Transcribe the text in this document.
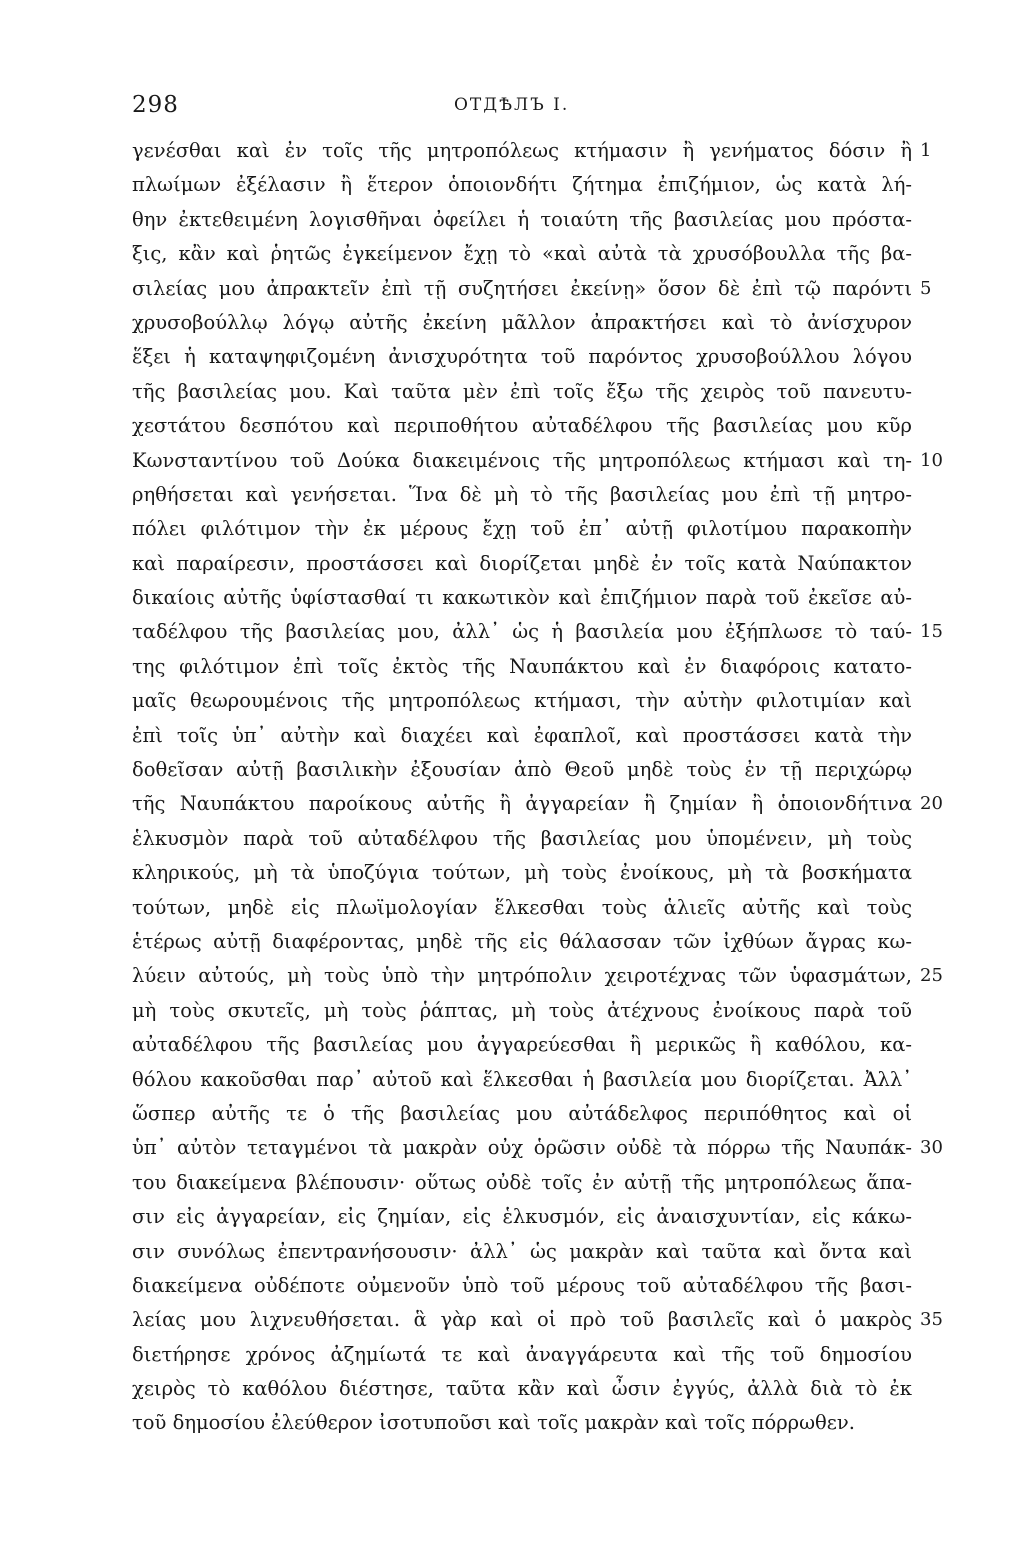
298	ΟΤДѢЛЪ I.
γενέσθαι καὶ ἐν τοῖς τῆς μητροπόλεως κτήμασιν ἢ γενήματος δόσιν ἢ 1
πλωίμων ἐξέλασιν ἢ ἕτερον ὁποιονδήτι ζήτημα ἐπιζήμιον, ὡς κατὰ λή-
θην ἐκτεθειμένη λογισθῆναι ὀφείλει ἡ τοιαύτη τῆς βασιλείας μου πρόστα-
ξις, κἂν καὶ ῥητῶς ἐγκείμενον ἔχῃ τὸ «καὶ αὐτὰ τὰ χρυσόβουλλα τῆς βα-
σιλείας μου ἀπρακτεῖν ἐπὶ τῇ συζητήσει ἐκείνῃ» ὅσον δὲ ἐπὶ τῷ παρόντι 5
χρυσοβούλλῳ λόγῳ αὐτῆς ἐκείνη μᾶλλον ἀπρακτήσει καὶ τὸ ἀνίσχυρον
ἕξει ἡ καταψηφιζομένη ἀνισχυρότητα τοῦ παρόντος χρυσοβούλλου λόγου
τῆς βασιλείας μου. Καὶ ταῦτα μὲν ἐπὶ τοῖς ἔξω τῆς χειρὸς τοῦ πανευτυ-
χεστάτου δεσπότου καὶ περιποθήτου αὐταδέλφου τῆς βασιλείας μου κῦρ
Κωνσταντίνου τοῦ Δούκα διακειμένοις τῆς μητροπόλεως κτήμασι καὶ τη- 10
ρηθήσεται καὶ γενήσεται. Ἵνα δὲ μὴ τὸ τῆς βασιλείας μου ἐπὶ τῇ μητρο-
πόλει φιλότιμον τὴν ἐκ μέρους ἔχῃ τοῦ ἐπ᾽ αὐτῇ φιλοτίμου παρακοπὴν
καὶ παραίρεσιν, προστάσσει καὶ διορίζεται μηδὲ ἐν τοῖς κατὰ Ναύπακτον
δικαίοις αὐτῆς ὑφίστασθαί τι κακωτικὸν καὶ ἐπιζήμιον παρὰ τοῦ ἐκεῖσε αὐ-
ταδέλφου τῆς βασιλείας μου, ἀλλ᾽ ὡς ἡ βασιλεία μου ἐξήπλωσε τὸ ταύ- 15
της φιλότιμον ἐπὶ τοῖς ἐκτὸς τῆς Ναυπάκτου καὶ ἐν διαφόροις κατατο-
μαῖς θεωρουμένοις τῆς μητροπόλεως κτήμασι, τὴν αὐτὴν φιλοτιμίαν καὶ
ἐπὶ τοῖς ὑπ᾽ αὐτὴν καὶ διαχέει καὶ ἐφαπλοῖ, καὶ προστάσσει κατὰ τὴν
δοθεῖσαν αὐτῇ βασιλικὴν ἐξουσίαν ἀπὸ Θεοῦ μηδὲ τοὺς ἐν τῇ περιχώρῳ
τῆς Ναυπάκτου παροίκους αὐτῆς ἢ ἀγγαρείαν ἢ ζημίαν ἢ ὁποιονδήτινα 20
ἑλκυσμὸν παρὰ τοῦ αὐταδέλφου τῆς βασιλείας μου ὑπομένειν, μὴ τοὺς
κληρικούς, μὴ τὰ ὑποζύγια τούτων, μὴ τοὺς ἐνοίκους, μὴ τὰ βοσκήματα
τούτων, μηδὲ εἰς πλωϊμολογίαν ἕλκεσθαι τοὺς ἁλιεῖς αὐτῆς καὶ τοὺς
ἑτέρως αὐτῇ διαφέροντας, μηδὲ τῆς εἰς θάλασσαν τῶν ἰχθύων ἄγρας κω-
λύειν αὐτούς, μὴ τοὺς ὑπὸ τὴν μητρόπολιν χειροτέχνας τῶν ὑφασμάτων, 25
μὴ τοὺς σκυτεῖς, μὴ τοὺς ῥάπτας, μὴ τοὺς ἀτέχνους ἐνοίκους παρὰ τοῦ
αὐταδέλφου τῆς βασιλείας μου ἀγγαρεύεσθαι ἢ μερικῶς ἢ καθόλου, κα-
θόλου κακοῦσθαι παρ᾽ αὐτοῦ καὶ ἕλκεσθαι ἡ βασιλεία μου διορίζεται. Ἀλλ᾽
ὥσπερ αὐτῆς τε ὁ τῆς βασιλείας μου αὐτάδελφος περιπόθητος καὶ οἱ
ὑπ᾽ αὐτὸν τεταγμένοι τὰ μακρὰν οὐχ ὁρῶσιν οὐδὲ τὰ πόρρω τῆς Ναυπάκ- 30
του διακείμενα βλέπουσιν· οὕτως οὐδὲ τοῖς ἐν αὐτῇ τῆς μητροπόλεως ἅπα-
σιν εἰς ἀγγαρείαν, εἰς ζημίαν, εἰς ἑλκυσμόν, εἰς ἀναισχυντίαν, εἰς κάκω-
σιν συνόλως ἐπεντρανήσουσιν· ἀλλ᾽ ὡς μακρὰν καὶ ταῦτα καὶ ὄντα καὶ
διακείμενα οὐδέποτε οὐμενοῦν ὑπὸ τοῦ μέρους τοῦ αὐταδέλφου τῆς βασι-
λείας μου λιχνευθήσεται. ἃ γὰρ καὶ οἱ πρὸ τοῦ βασιλεῖς καὶ ὁ μακρὸς 35
διετήρησε χρόνος ἀζημίωτά τε καὶ ἀναγγάρευτα καὶ τῆς τοῦ δημοσίου
χειρὸς τὸ καθόλου διέστησε, ταῦτα κἂν καὶ ὦσιν ἐγγύς, ἀλλὰ διὰ τὸ ἐκ
τοῦ δημοσίου ἐλεύθερον ἰσοτυποῦσι καὶ τοῖς μακρὰν καὶ τοῖς πόρρωθεν.
